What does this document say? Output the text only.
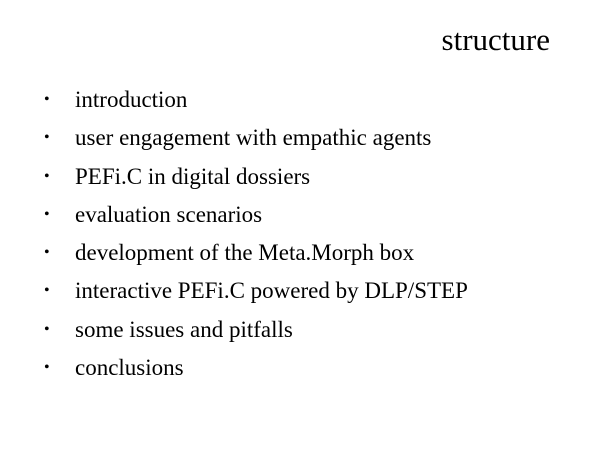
structure
• introduction
• user engagement with empathic agents
• PEFi.C in digital dossiers
• evaluation scenarios
• development of the Meta.Morph box
• interactive PEFi.C powered by DLP/STEP
• some issues and pitfalls
• conclusions
